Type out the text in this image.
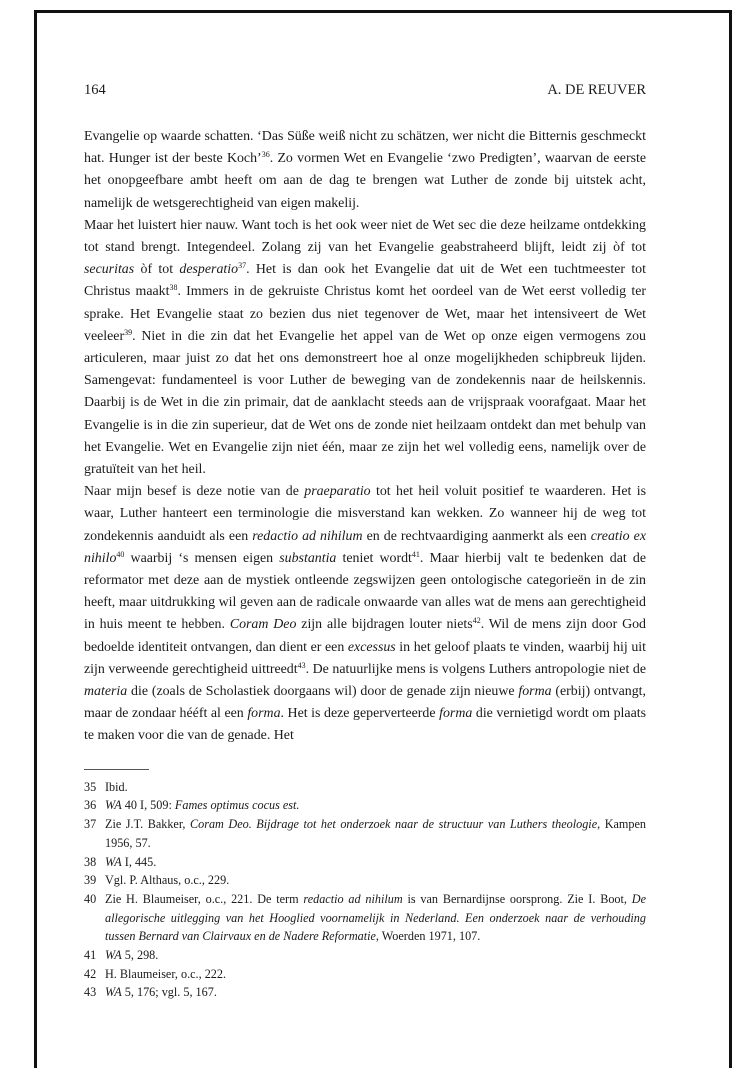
164	A. DE REUVER

Evangelie op waarde schatten. ‘Das Süße weiß nicht zu schätzen, wer nicht die Bitternis geschmeckt hat. Hunger ist der beste Koch’$^{36}$. Zo vormen Wet en Evangelie ‘zwo Predigten’, waarvan de eerste het onopgeefbare ambt heeft om aan de dag te brengen wat Luther de zonde bij uitstek acht, namelijk de wetsgerechtigheid van eigen makelij.

Maar het luistert hier nauw. Want toch is het ook weer niet de Wet sec die deze heilzame ontdekking tot stand brengt. Integendeel. Zolang zij van het Evangelie geabstraheerd blijft, leidt zij òf tot securitas òf tot desperatio$^{37}$. Het is dan ook het Evangelie dat uit de Wet een tuchtmeester tot Christus maakt$^{38}$. Immers in de gekruiste Christus komt het oordeel van de Wet eerst volledig ter sprake. Het Evangelie staat zo bezien dus niet tegenover de Wet, maar het intensiveert de Wet veeleer$^{39}$. Niet in die zin dat het Evangelie het appel van de Wet op onze eigen vermogens zou articuleren, maar juist zo dat het ons demonstreert hoe al onze mogelijkheden schipbreuk lijden. Samengevat: fundamenteel is voor Luther de beweging van de zondekennis naar de heilskennis. Daarbij is de Wet in die zin primair, dat de aanklacht steeds aan de vrijspraak voorafgaat. Maar het Evangelie is in die zin superieur, dat de Wet ons de zonde niet heilzaam ontdekt dan met behulp van het Evangelie. Wet en Evangelie zijn niet één, maar ze zijn het wel volledig eens, namelijk over de gratuïteit van het heil.

Naar mijn besef is deze notie van de praeparatio tot het heil voluit positief te waarderen. Het is waar, Luther hanteert een terminologie die misverstand kan wekken. Zo wanneer hij de weg tot zondekennis aanduidt als een redactio ad nihilum en de rechtvaardiging aanmerkt als een creatio ex nihilo$^{40}$ waarbij ‘s mensen eigen substantia teniet wordt$^{41}$. Maar hierbij valt te bedenken dat de reformator met deze aan de mystiek ontleende zegswijzen geen ontologische categorieën in de zin heeft, maar uitdrukking wil geven aan de radicale onwaarde van alles wat de mens aan gerechtigheid in huis meent te hebben. Coram Deo zijn alle bijdragen louter niets$^{42}$. Wil de mens zijn door God bedoelde identiteit ontvangen, dan dient er een excessus in het geloof plaats te vinden, waarbij hij uit zijn verweende gerechtigheid uittreedt$^{43}$. De natuurlijke mens is volgens Luthers antropologie niet de materia die (zoals de Scholastiek doorgaans wil) door de genade zijn nieuwe forma (erbij) ontvangt, maar de zondaar hééft al een forma. Het is deze geperverteerde forma die vernietigd wordt om plaats te maken voor die van de genade. Het

35 Ibid.
36 WA 40 I, 509: Fames optimus cocus est.
37 Zie J.T. Bakker, Coram Deo. Bijdrage tot het onderzoek naar de structuur van Luthers theologie, Kampen 1956, 57.
38 WA I, 445.
39 Vgl. P. Althaus, o.c., 229.
40 Zie H. Blaumeiser, o.c., 221. De term redactio ad nihilum is van Bernardijnse oorsprong. Zie I. Boot, De allegorische uitlegging van het Hooglied voornamelijk in Nederland. Een onderzoek naar de verhouding tussen Bernard van Clairvaux en de Nadere Reformatie, Woerden 1971, 107.
41 WA 5, 298.
42 H. Blaumeiser, o.c., 222.
43 WA 5, 176; vgl. 5, 167.
